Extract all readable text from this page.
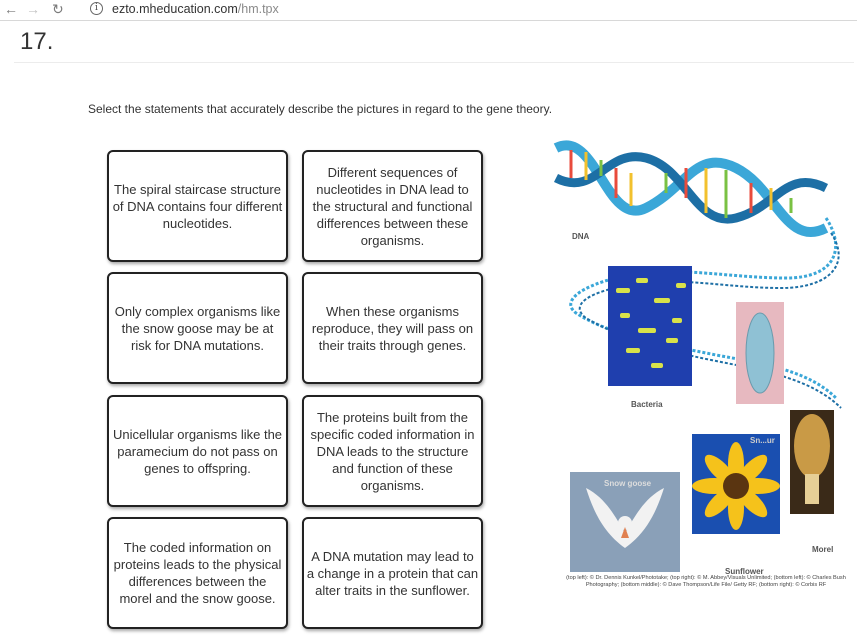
← → ↻	i	ezto.mheducation.com/hm.tpx
17.
Select the statements that accurately describe the pictures in regard to the gene theory.
The spiral staircase structure of DNA contains four different nucleotides.
Different sequences of nucleotides in DNA lead to the structural and functional differences between these organisms.
Only complex organisms like the snow goose may be at risk for DNA mutations.
When these organisms reproduce, they will pass on their traits through genes.
Unicellular organisms like the paramecium do not pass on genes to offspring.
The proteins built from the specific coded information in DNA leads to the structure and function of these organisms.
The coded information on proteins leads to the physical differences between the morel and the snow goose.
A DNA mutation may lead to a change in a protein that can alter traits in the sunflower.
DNA
Bacteria
Sn...ur
Snow goose
Sunflower
Morel
(top left): © Dr. Dennis Kunkel/Phototake; (top right): © M. Abbey/Visuals Unlimited; (bottom left): © Charles Bush Photography; (bottom middle): © Dave Thompson/Life File/ Getty RF; (bottom right): © Corbis RF
